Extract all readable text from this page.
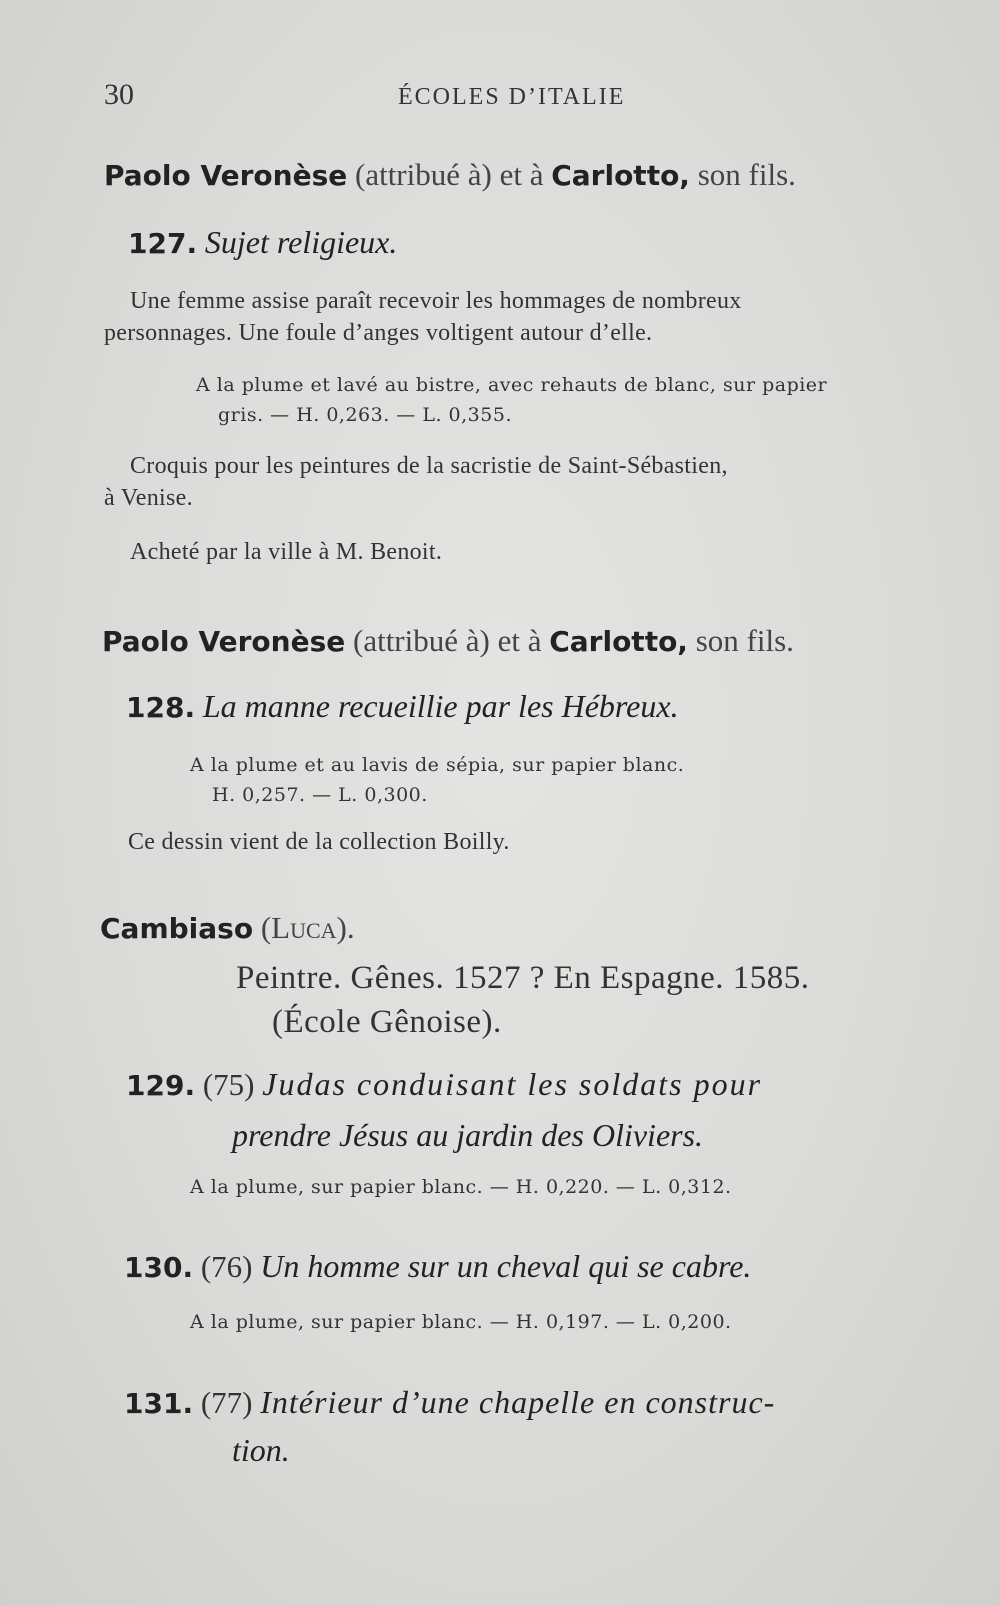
30	ÉCOLES D’ITALIE
Paolo Veronèse (attribué à) et à Carlotto, son fils.
127. Sujet religieux.
Une femme assise paraît recevoir les hommages de nombreux
personnages. Une foule d’anges voltigent autour d’elle.
A la plume et lavé au bistre, avec rehauts de blanc, sur papier
gris. — H. 0,263. — L. 0,355.
Croquis pour les peintures de la sacristie de Saint-Sébastien,
à Venise.
Acheté par la ville à M. Benoit.
Paolo Veronèse (attribué à) et à Carlotto, son fils.
128. La manne recueillie par les Hébreux.
A la plume et au lavis de sépia, sur papier blanc.
H. 0,257. — L. 0,300.
Ce dessin vient de la collection Boilly.
Cambiaso (Luca).
Peintre. Gênes. 1527 ? En Espagne. 1585.
(École Gênoise).
129. (75) Judas conduisant les soldats pour
prendre Jésus au jardin des Oliviers.
A la plume, sur papier blanc. — H. 0,220. — L. 0,312.
130. (76) Un homme sur un cheval qui se cabre.
A la plume, sur papier blanc. — H. 0,197. — L. 0,200.
131. (77) Intérieur d’une chapelle en construc-
tion.
